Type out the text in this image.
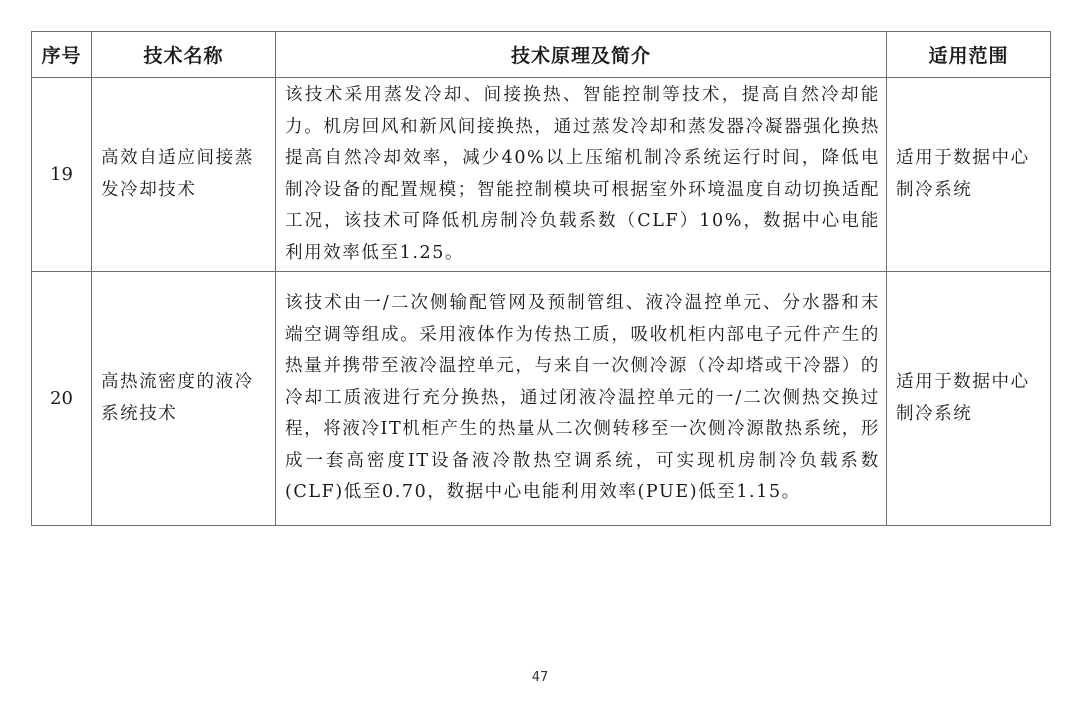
序号	技术名称	技术原理及简介	适用范围
19	高效自适应间接蒸发冷却技术	该技术采用蒸发冷却、间接换热、智能控制等技术，提高自然冷却能力。机房回风和新风间接换热，通过蒸发冷却和蒸发器冷凝器强化换热提高自然冷却效率，减少40%以上压缩机制冷系统运行时间，降低电制冷设备的配置规模；智能控制模块可根据室外环境温度自动切换适配工况，该技术可降低机房制冷负载系数（CLF）10%，数据中心电能利用效率低至1.25。	适用于数据中心制冷系统
20	高热流密度的液冷系统技术	该技术由一/二次侧输配管网及预制管组、液冷温控单元、分水器和末端空调等组成。采用液体作为传热工质，吸收机柜内部电子元件产生的热量并携带至液冷温控单元，与来自一次侧冷源（冷却塔或干冷器）的冷却工质液进行充分换热，通过闭液冷温控单元的一/二次侧热交换过程，将液冷IT机柜产生的热量从二次侧转移至一次侧冷源散热系统，形成一套高密度IT设备液冷散热空调系统，可实现机房制冷负载系数(CLF)低至0.70，数据中心电能利用效率(PUE)低至1.15。	适用于数据中心制冷系统
47
